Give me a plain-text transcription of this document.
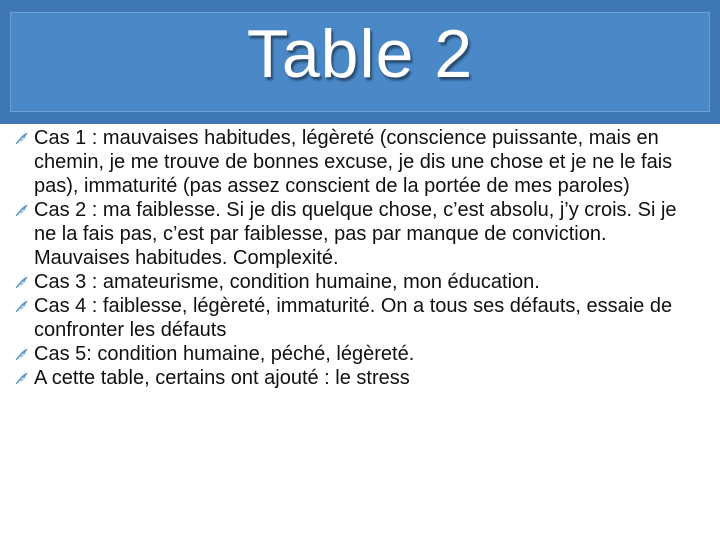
Table 2
Cas 1 : mauvaises habitudes, légèreté (conscience puissante, mais en chemin, je me trouve de bonnes excuse, je dis une chose et je ne le fais pas), immaturité (pas assez conscient de la portée de mes paroles)
Cas 2 : ma faiblesse. Si je dis quelque chose, c’est absolu, j’y crois. Si je ne la fais pas, c’est par faiblesse, pas par manque de conviction. Mauvaises habitudes. Complexité.
Cas 3 : amateurisme, condition humaine, mon éducation.
Cas 4 : faiblesse, légèreté, immaturité. On a tous ses défauts, essaie de confronter les défauts
Cas 5: condition humaine, péché, légèreté.
A cette table, certains ont ajouté : le stress
